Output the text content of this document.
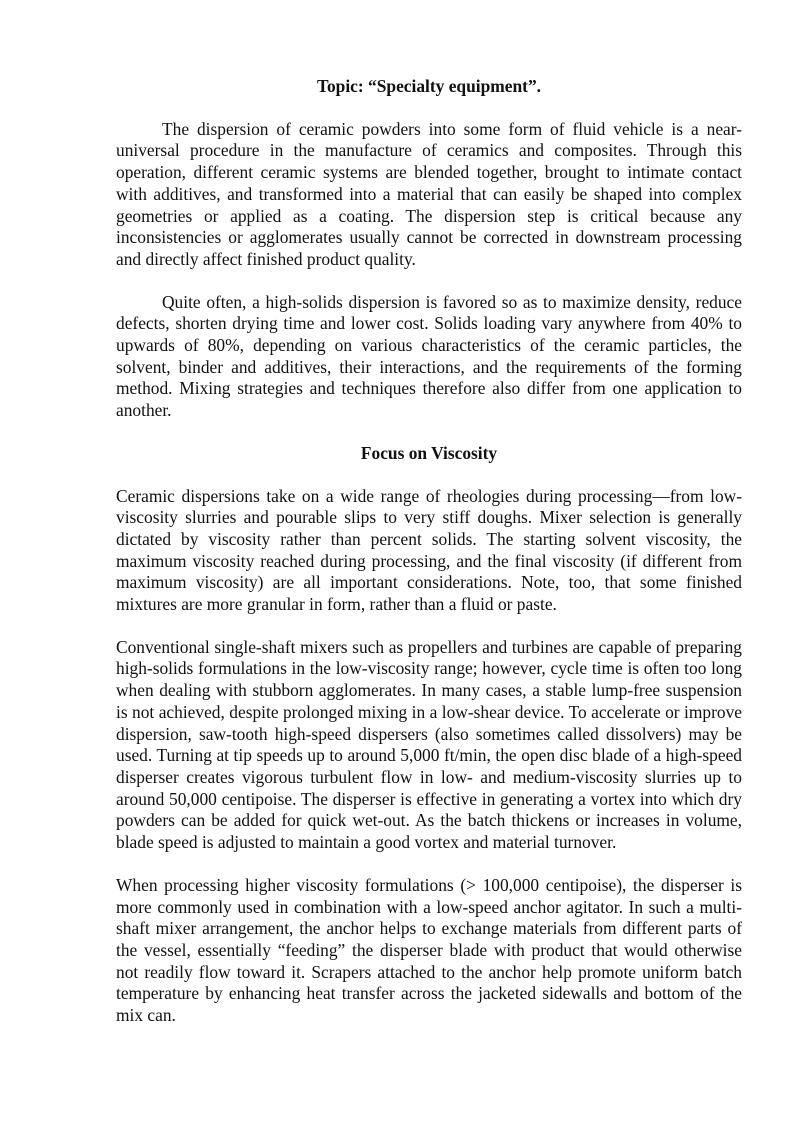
Topic: “Specialty equipment”.

The dispersion of ceramic powders into some form of fluid vehicle is a near-universal procedure in the manufacture of ceramics and composites. Through this operation, different ceramic systems are blended together, brought to intimate contact with additives, and transformed into a material that can easily be shaped into complex geometries or applied as a coating. The dispersion step is critical because any inconsistencies or agglomerates usually cannot be corrected in downstream processing and directly affect finished product quality.

Quite often, a high-solids dispersion is favored so as to maximize density, reduce defects, shorten drying time and lower cost. Solids loading vary anywhere from 40% to upwards of 80%, depending on various characteristics of the ceramic particles, the solvent, binder and additives, their interactions, and the requirements of the forming method. Mixing strategies and techniques therefore also differ from one application to another.

Focus on Viscosity

Ceramic dispersions take on a wide range of rheologies during processing—from low-viscosity slurries and pourable slips to very stiff doughs. Mixer selection is generally dictated by viscosity rather than percent solids. The starting solvent viscosity, the maximum viscosity reached during processing, and the final viscosity (if different from maximum viscosity) are all important considerations. Note, too, that some finished mixtures are more granular in form, rather than a fluid or paste.

Conventional single-shaft mixers such as propellers and turbines are capable of preparing high-solids formulations in the low-viscosity range; however, cycle time is often too long when dealing with stubborn agglomerates. In many cases, a stable lump-free suspension is not achieved, despite prolonged mixing in a low-shear device. To accelerate or improve dispersion, saw-tooth high-speed dispersers (also sometimes called dissolvers) may be used. Turning at tip speeds up to around 5,000 ft/min, the open disc blade of a high-speed disperser creates vigorous turbulent flow in low- and medium-viscosity slurries up to around 50,000 centipoise. The disperser is effective in generating a vortex into which dry powders can be added for quick wet-out. As the batch thickens or increases in volume, blade speed is adjusted to maintain a good vortex and material turnover.

When processing higher viscosity formulations (> 100,000 centipoise), the disperser is more commonly used in combination with a low-speed anchor agitator. In such a multi-shaft mixer arrangement, the anchor helps to exchange materials from different parts of the vessel, essentially “feeding” the disperser blade with product that would otherwise not readily flow toward it. Scrapers attached to the anchor help promote uniform batch temperature by enhancing heat transfer across the jacketed sidewalls and bottom of the mix can.
